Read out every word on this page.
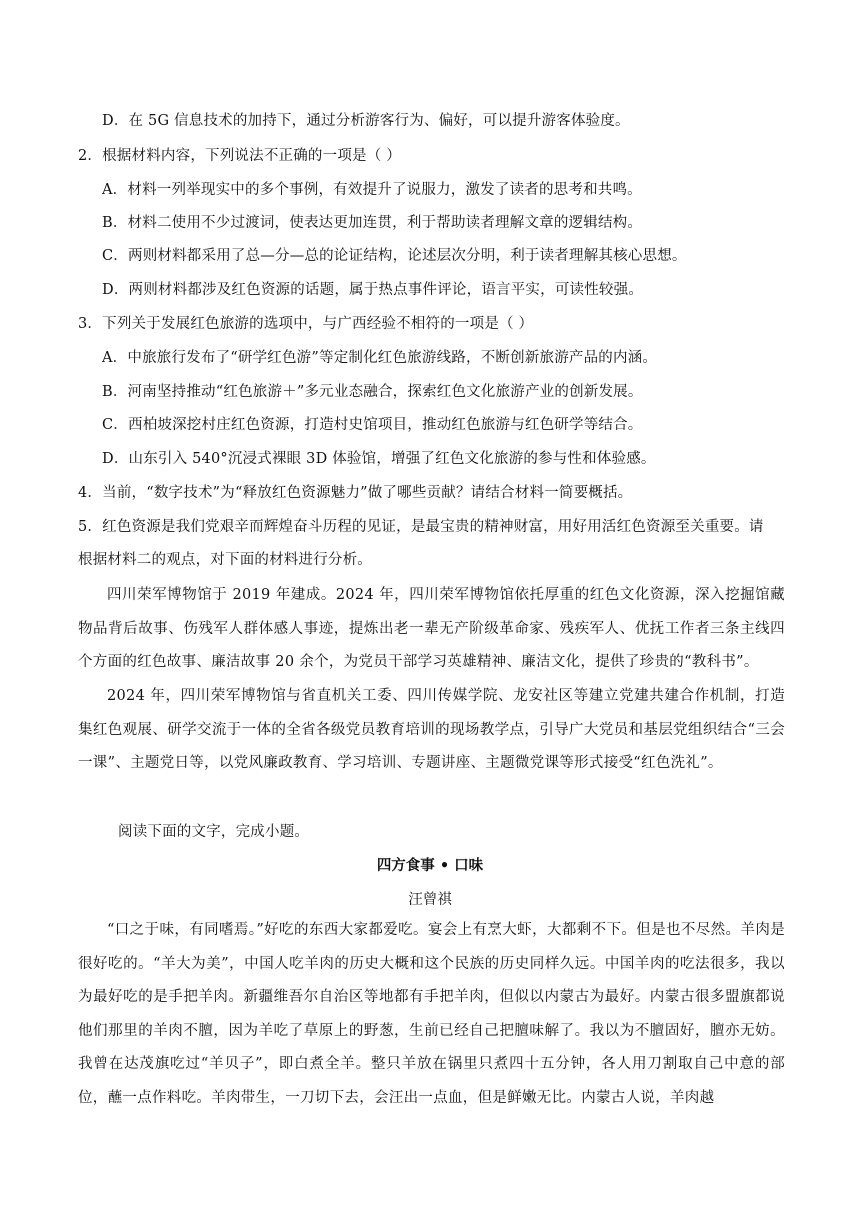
D．在 5G 信息技术的加持下，通过分析游客行为、偏好，可以提升游客体验度。
2．根据材料内容，下列说法不正确的一项是（ ）
A．材料一列举现实中的多个事例，有效提升了说服力，激发了读者的思考和共鸣。
B．材料二使用不少过渡词，使表达更加连贯，利于帮助读者理解文章的逻辑结构。
C．两则材料都采用了总—分—总的论证结构，论述层次分明，利于读者理解其核心思想。
D．两则材料都涉及红色资源的话题，属于热点事件评论，语言平实，可读性较强。
3．下列关于发展红色旅游的选项中，与广西经验不相符的一项是（ ）
A．中旅旅行发布了“研学红色游”等定制化红色旅游线路，不断创新旅游产品的内涵。
B．河南坚持推动“红色旅游＋”多元业态融合，探索红色文化旅游产业的创新发展。
C．西柏坡深挖村庄红色资源，打造村史馆项目，推动红色旅游与红色研学等结合。
D．山东引入 540°沉浸式裸眼 3D 体验馆，增强了红色文化旅游的参与性和体验感。
4．当前，“数字技术”为“释放红色资源魅力”做了哪些贡献？请结合材料一简要概括。
5．红色资源是我们党艰辛而辉煌奋斗历程的见证，是最宝贵的精神财富，用好用活红色资源至关重要。请
根据材料二的观点，对下面的材料进行分析。
四川荣军博物馆于 2019 年建成。2024 年，四川荣军博物馆依托厚重的红色文化资源，深入挖掘馆藏物品背后故事、伤残军人群体感人事迹，提炼出老一辈无产阶级革命家、残疾军人、优抚工作者三条主线四个方面的红色故事、廉洁故事 20 余个，为党员干部学习英雄精神、廉洁文化，提供了珍贵的“教科书”。
2024 年，四川荣军博物馆与省直机关工委、四川传媒学院、龙安社区等建立党建共建合作机制，打造集红色观展、研学交流于一体的全省各级党员教育培训的现场教学点，引导广大党员和基层党组织结合“三会一课”、主题党日等，以党风廉政教育、学习培训、专题讲座、主题微党课等形式接受“红色洗礼”。
阅读下面的文字，完成小题。
四方食事 • 口味
汪曾祺
“口之于味，有同嗜焉。”好吃的东西大家都爱吃。宴会上有烹大虾，大都剩不下。但是也不尽然。羊肉是很好吃的。“羊大为美”，中国人吃羊肉的历史大概和这个民族的历史同样久远。中国羊肉的吃法很多，我以为最好吃的是手把羊肉。新疆维吾尔自治区等地都有手把羊肉，但似以内蒙古为最好。内蒙古很多盟旗都说他们那里的羊肉不膻，因为羊吃了草原上的野葱，生前已经自己把膻味解了。我以为不膻固好，膻亦无妨。我曾在达茂旗吃过“羊贝子”，即白煮全羊。整只羊放在锅里只煮四十五分钟，各人用刀割取自己中意的部位，蘸一点作料吃。羊肉带生，一刀切下去，会汪出一点血，但是鲜嫩无比。内蒙古人说，羊肉越
